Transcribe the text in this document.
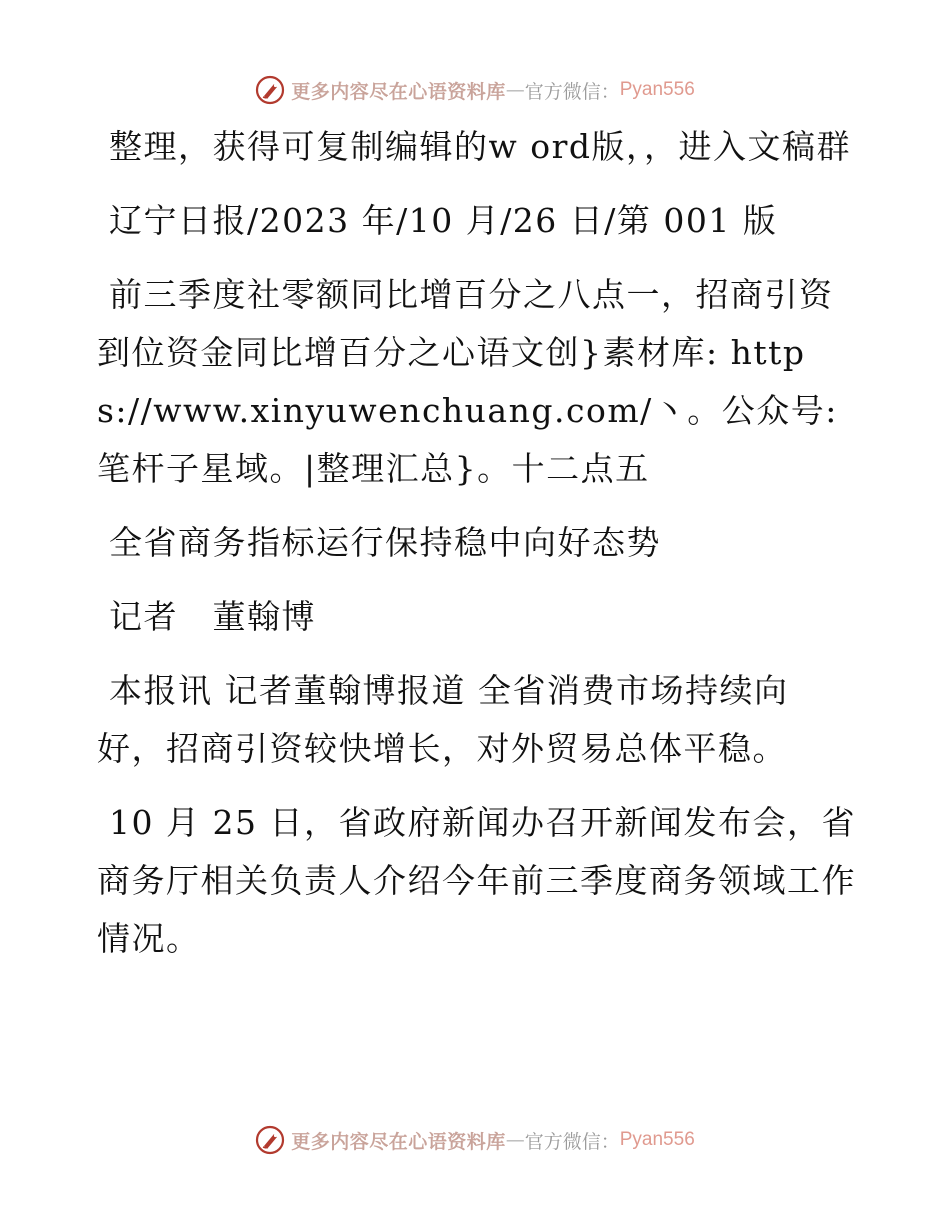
更多内容尽在心语资料库 — 官方微信： Pyan556

整理，获得可复制编辑的w ord版，，进入文稿群

辽宁日报/2023 年/10 月/26 日/第 001 版

前三季度社零额同比增百分之八点一，招商引资到位资金同比增百分之心语文创}素材库: https://www.xinyuwenchuang.com/丶。公众号: 笔杆子星域。|整理汇总}。十二点五

全省商务指标运行保持稳中向好态势

记者　董翰博

本报讯 记者董翰博报道 全省消费市场持续向好，招商引资较快增长，对外贸易总体平稳。

10 月 25 日，省政府新闻办召开新闻发布会，省商务厅相关负责人介绍今年前三季度商务领域工作情况。

更多内容尽在心语资料库 — 官方微信： Pyan556
